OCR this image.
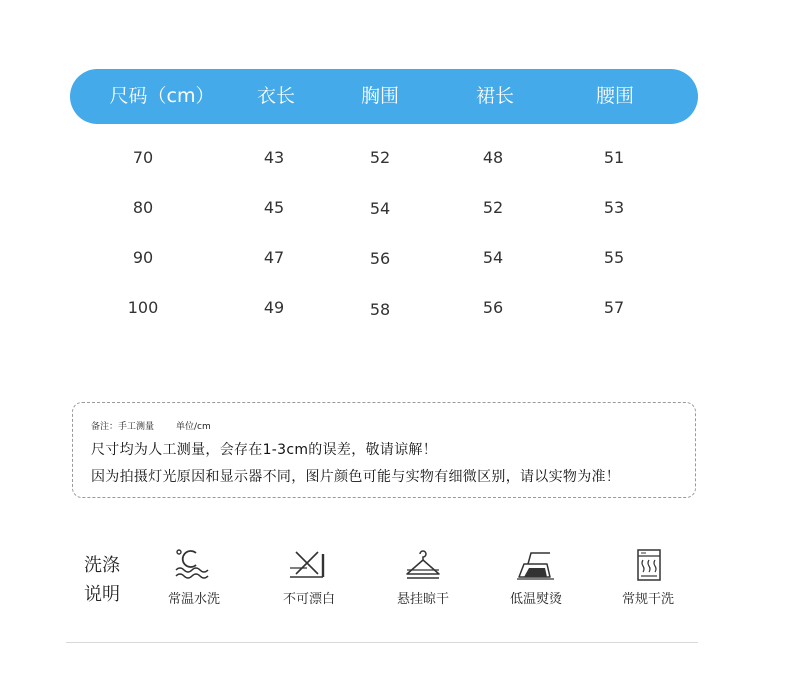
尺码（cm） 衣长	胸围	裙长	腰围
70	43	52	48	51
80	45	54	52	53
90	47	56	54	55
100	49	58	56	57
备注：手工测量 单位/cm
尺寸均为人工测量，会存在1-3cm的误差，敬请谅解！
因为拍摄灯光原因和显示器不同，图片颜色可能与实物有细微区别，请以实物为准！
洗涤
说明	常温水洗	不可漂白	悬挂晾干	低温熨烫	常规干洗
